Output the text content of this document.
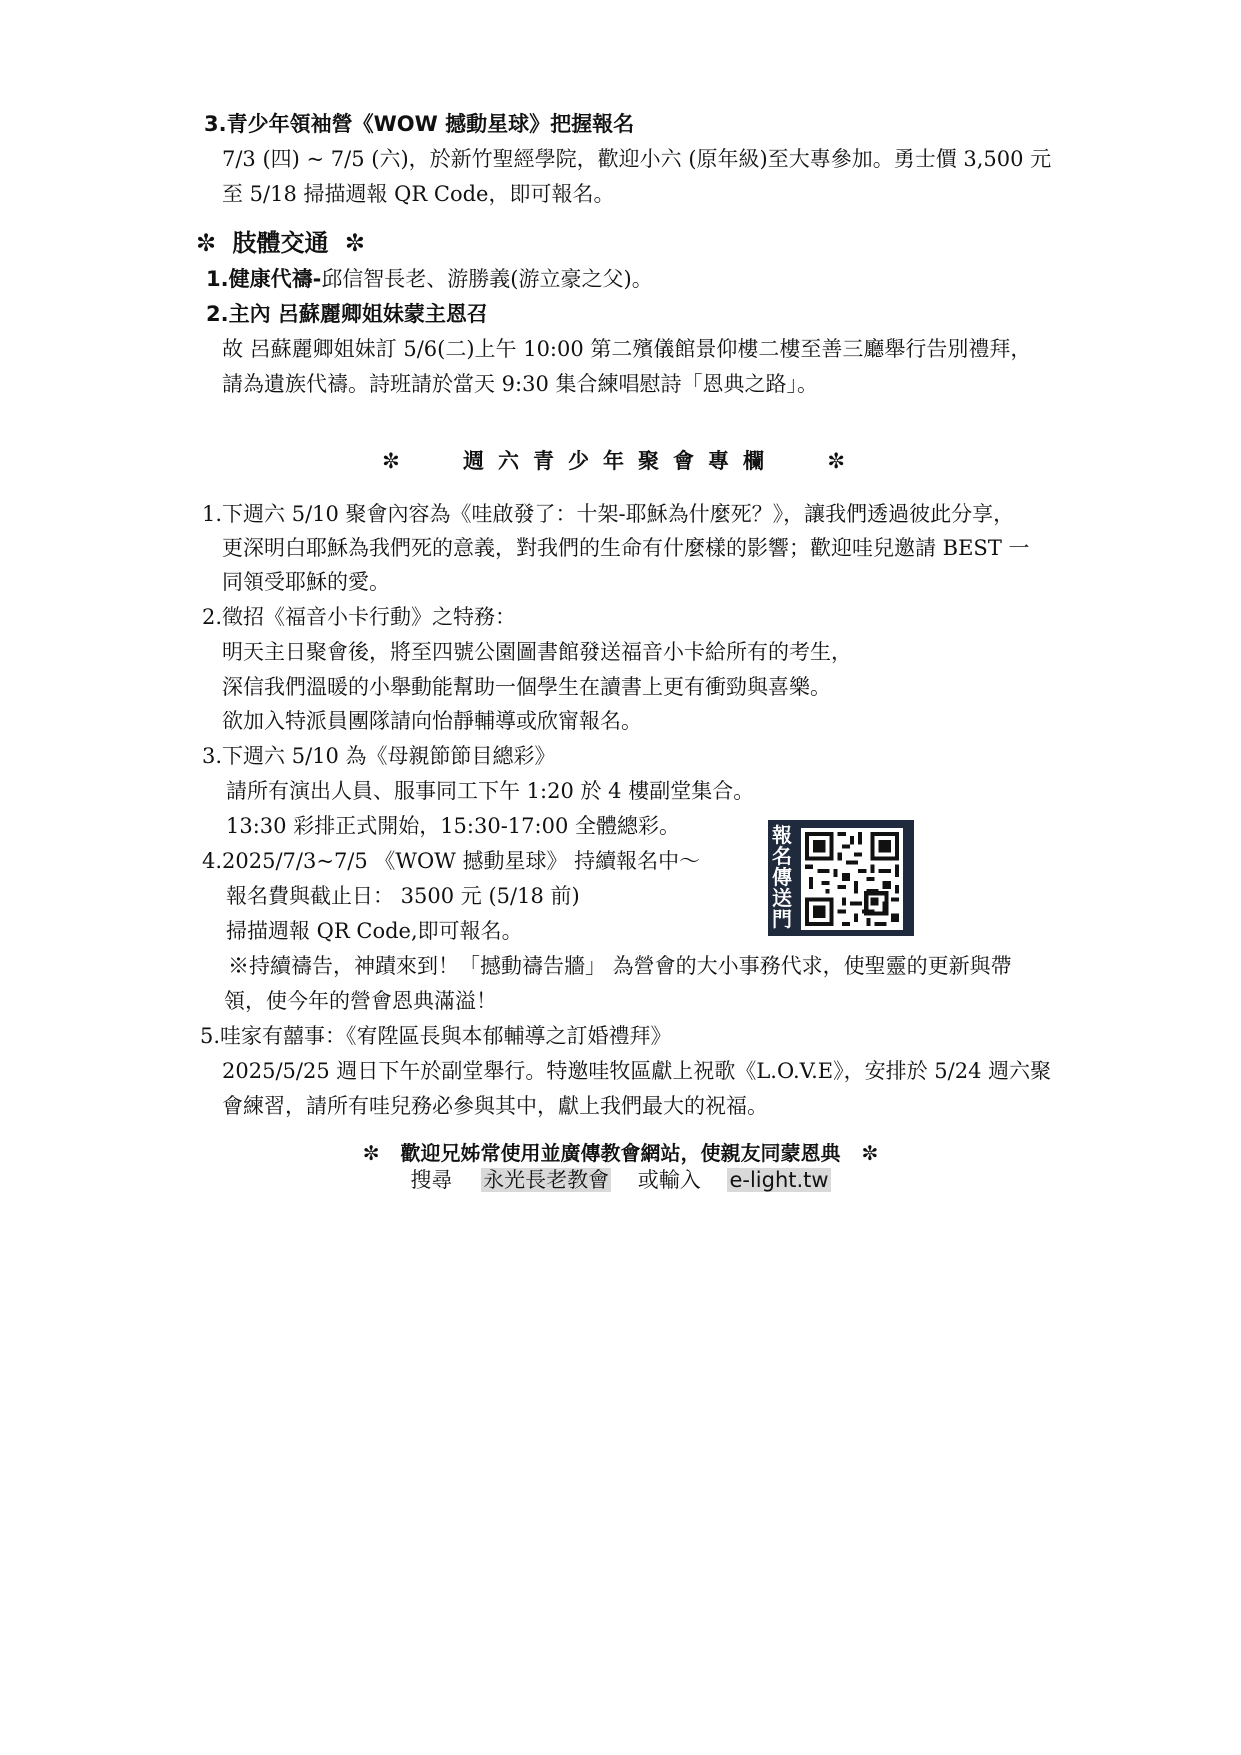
3.青少年領袖營《WOW 撼動星球》把握報名
7/3 (四) ~ 7/5 (六)，於新竹聖經學院，歡迎小六 (原年級)至大專參加。勇士價 3,500 元
至 5/18 掃描週報 QR Code，即可報名。
✼ 肢體交通 ✼
1.健康代禱-邱信智長老、游勝義(游立豪之父)。
2.主內 呂蘇麗卿姐妹蒙主恩召
故 呂蘇麗卿姐妹訂 5/6(二)上午 10:00 第二殯儀館景仰樓二樓至善三廳舉行告別禮拜，
請為遺族代禱。詩班請於當天 9:30 集合練唱慰詩「恩典之路」。
✼ 週六青少年聚會專欄 ✼
1.下週六 5/10 聚會內容為《哇啟發了：十架-耶穌為什麼死？》，讓我們透過彼此分享，
更深明白耶穌為我們死的意義，對我們的生命有什麼樣的影響；歡迎哇兒邀請 BEST 一
同領受耶穌的愛。
2.徵招《福音小卡行動》之特務：
明天主日聚會後，將至四號公園圖書館發送福音小卡給所有的考生，
深信我們溫暖的小舉動能幫助一個學生在讀書上更有衝勁與喜樂。
欲加入特派員團隊請向怡靜輔導或欣甯報名。
3.下週六 5/10 為《母親節節目總彩》
請所有演出人員、服事同工下午 1:20 於 4 樓副堂集合。
13:30 彩排正式開始，15:30-17:00 全體總彩。
4.2025/7/3~7/5 《WOW 撼動星球》 持續報名中～
報名費與截止日： 3500 元 (5/18 前)
掃描週報 QR Code,即可報名。
※持續禱告，神蹟來到！「撼動禱告牆」 為營會的大小事務代求，使聖靈的更新與帶
領，使今年的營會恩典滿溢！
5.哇家有囍事：《宥陞區長與本郁輔導之訂婚禮拜》
2025/5/25 週日下午於副堂舉行。特邀哇牧區獻上祝歌《L.O.V.E》，安排於 5/24 週六聚
會練習，請所有哇兒務必參與其中，獻上我們最大的祝福。
報名傳送門
✼ 歡迎兄姊常使用並廣傳教會網站，使親友同蒙恩典 ✼
搜尋 永光長老教會 或輸入 e-light.tw
